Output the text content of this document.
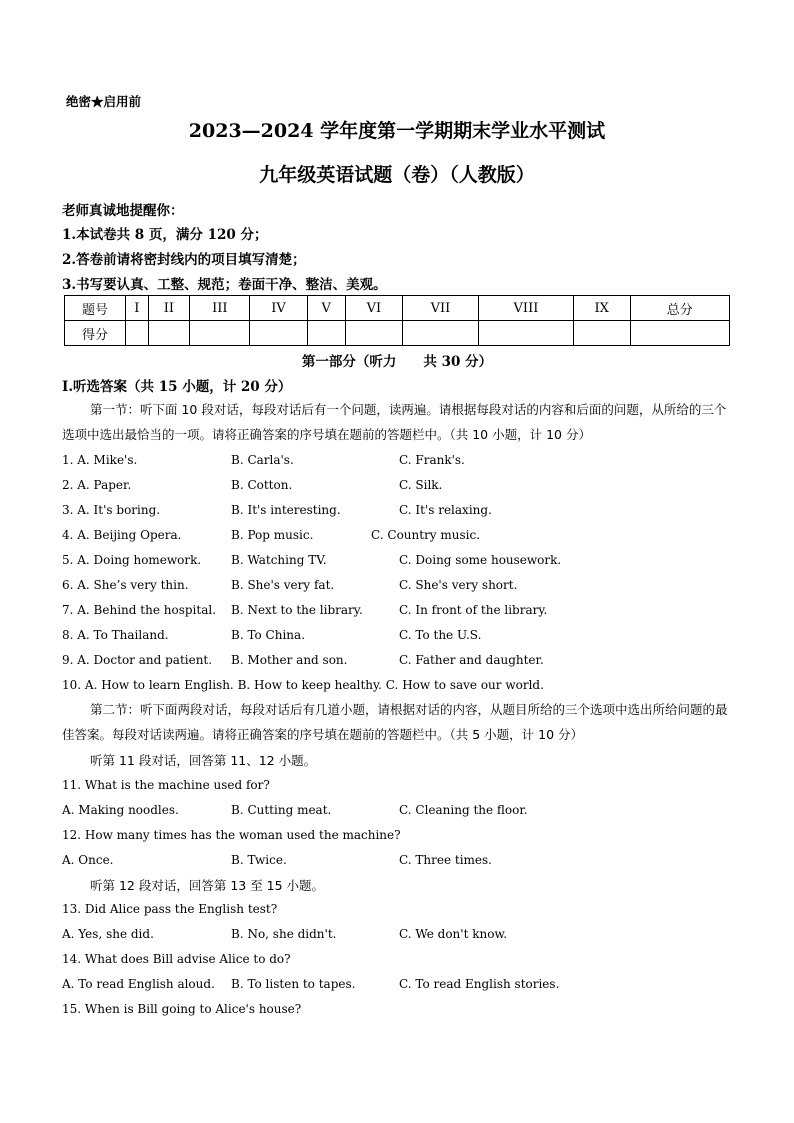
绝密★启用前
2023—2024 学年度第一学期期末学业水平测试
九年级英语试题（卷）（人教版）
老师真诚地提醒你：
1.本试卷共 8 页，满分 120 分；
2.答卷前请将密封线内的项目填写清楚；
3.书写要认真、工整、规范；卷面干净、整洁、美观。
题号	I	II	III	IV	V	VI	VII	VIII	IX	总分
得分										
第一部分（听力　　共 30 分）
I.听选答案（共 15 小题，计 20 分）
第一节：听下面 10 段对话，每段对话后有一个问题，读两遍。请根据每段对话的内容和后面的问题，从所给的三个选项中选出最恰当的一项。请将正确答案的序号填在题前的答题栏中。（共 10 小题，计 10 分）
1. A. Mike's.	B. Carla's.	C. Frank's.
2. A. Paper.	B. Cotton.	C. Silk.
3. A. It's boring.	B. It's interesting.	C. It's relaxing.
4. A. Beijing Opera.	B. Pop music.	C. Country music.
5. A. Doing homework. B. Watching TV.	C. Doing some housework.
6. A. She’s very thin.	B. She's very fat.	C. She's very short.
7. A. Behind the hospital. B. Next to the library.	C. In front of the library.
8. A. To Thailand.	B. To China.	C. To the U.S.
9. A. Doctor and patient. B. Mother and son.	C. Father and daughter.
10. A. How to learn English. B. How to keep healthy. C. How to save our world.
第二节：听下面两段对话，每段对话后有几道小题，请根据对话的内容，从题目所给的三个选项中选出所给问题的最佳答案。每段对话读两遍。请将正确答案的序号填在题前的答题栏中。（共 5 小题，计 10 分）
听第 11 段对话，回答第 11、12 小题。
11. What is the machine used for?
A. Making noodles.	B. Cutting meat.	C. Cleaning the floor.
12. How many times has the woman used the machine?
A. Once.	B. Twice.	C. Three times.
听第 12 段对话，回答第 13 至 15 小题。
13. Did Alice pass the English test?
A. Yes, she did.	B. No, she didn't.	C. We don't know.
14. What does Bill advise Alice to do?
A. To read English aloud. B. To listen to tapes.	C. To read English stories.
15. When is Bill going to Alice's house?
